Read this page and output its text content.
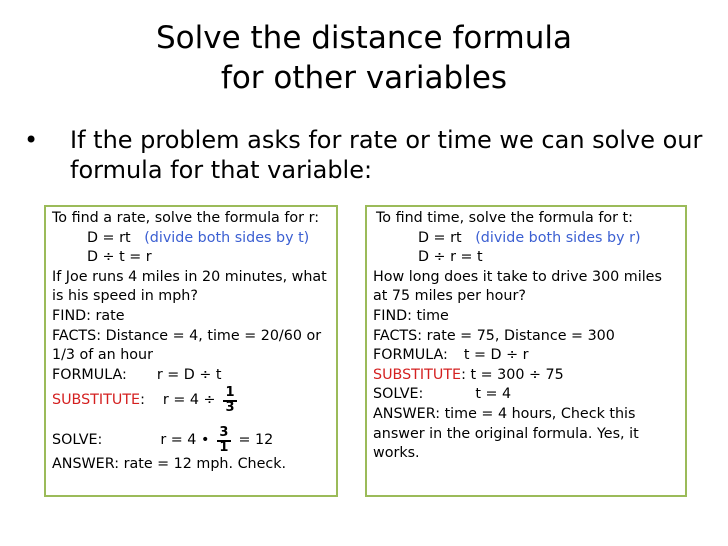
Solve the distance formula
for other variables
• If the problem asks for rate or time we can solve our formula for that variable:
To find a rate, solve the formula for r:
D = rt (divide both sides by t)
D ÷ t = r
If Joe runs 4 miles in 20 minutes, what
is his speed in mph?
FIND: rate
FACTS: Distance = 4, time = 20/60 or
1/3 of an hour
FORMULA: r = D ÷ t
SUBSTITUTE: $r = 4 \div \frac{1}{3}$
SOLVE:	r = 4 • $\frac{3}{1} = 12$
ANSWER: rate = 12 mph. Check.
To find time, solve the formula for t:
D = rt (divide both sides by r)
D ÷ r = t
How long does it take to drive 300 miles
at 75 miles per hour?
FIND: time
FACTS: rate = 75, Distance = 300
FORMULA: t = D ÷ r
SUBSTITUTE: t = 300 ÷ 75
SOLVE:	t = 4
ANSWER: time = 4 hours, Check this
answer in the original formula. Yes, it
works.
